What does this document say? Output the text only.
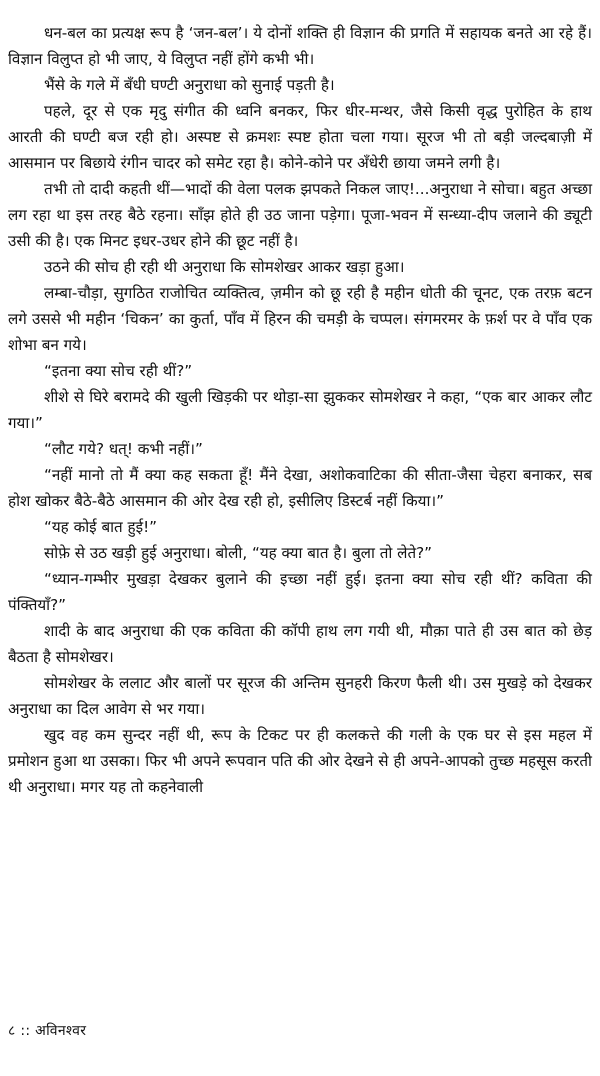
धन-बल का प्रत्यक्ष रूप है ‘जन-बल’। ये दोनों शक्ति ही विज्ञान की प्रगति में सहायक बनते आ रहे हैं। विज्ञान विलुप्त हो भी जाए, ये विलुप्त नहीं होंगे कभी भी।

भैंसे के गले में बँधी घण्टी अनुराधा को सुनाई पड़ती है।

पहले, दूर से एक मृदु संगीत की ध्वनि बनकर, फिर धीर-मन्थर, जैसे किसी वृद्ध पुरोहित के हाथ आरती की घण्टी बज रही हो। अस्पष्ट से क्रमशः स्पष्ट होता चला गया। सूरज भी तो बड़ी जल्दबाज़ी में आसमान पर बिछाये रंगीन चादर को समेट रहा है। कोने-कोने पर अँधेरी छाया जमने लगी है।

तभी तो दादी कहती थीं—भादों की वेला पलक झपकते निकल जाए!...अनुराधा ने सोचा। बहुत अच्छा लग रहा था इस तरह बैठे रहना। साँझ होते ही उठ जाना पड़ेगा। पूजा-भवन में सन्ध्या-दीप जलाने की ड्यूटी उसी की है। एक मिनट इधर-उधर होने की छूट नहीं है।

उठने की सोच ही रही थी अनुराधा कि सोमशेखर आकर खड़ा हुआ।

लम्बा-चौड़ा, सुगठित राजोचित व्यक्तित्व, ज़मीन को छू रही है महीन धोती की चूनट, एक तरफ़ बटन लगे उससे भी महीन ‘चिकन’ का कुर्ता, पाँव में हिरन की चमड़ी के चप्पल। संगमरमर के फ़र्श पर वे पाँव एक शोभा बन गये।

“इतना क्या सोच रही थीं?”

शीशे से घिरे बरामदे की खुली खिड़की पर थोड़ा-सा झुककर सोमशेखर ने कहा, “एक बार आकर लौट गया।”

“लौट गये? धत्! कभी नहीं।”

“नहीं मानो तो मैं क्या कह सकता हूँ! मैंने देखा, अशोकवाटिका की सीता-जैसा चेहरा बनाकर, सब होश खोकर बैठे-बैठे आसमान की ओर देख रही हो, इसीलिए डिस्टर्ब नहीं किया।”

“यह कोई बात हुई!”

सोफ़े से उठ खड़ी हुई अनुराधा। बोली, “यह क्या बात है। बुला तो लेते?”

“ध्यान-गम्भीर मुखड़ा देखकर बुलाने की इच्छा नहीं हुई। इतना क्या सोच रही थीं? कविता की पंक्तियाँ?”

शादी के बाद अनुराधा की एक कविता की कॉपी हाथ लग गयी थी, मौक़ा पाते ही उस बात को छेड़ बैठता है सोमशेखर।

सोमशेखर के ललाट और बालों पर सूरज की अन्तिम सुनहरी किरण फैली थी। उस मुखड़े को देखकर अनुराधा का दिल आवेग से भर गया।

खुद वह कम सुन्दर नहीं थी, रूप के टिकट पर ही कलकत्ते की गली के एक घर से इस महल में प्रमोशन हुआ था उसका। फिर भी अपने रूपवान पति की ओर देखने से ही अपने-आपको तुच्छ महसूस करती थी अनुराधा। मगर यह तो कहनेवाली

८ :: अविनश्वर
